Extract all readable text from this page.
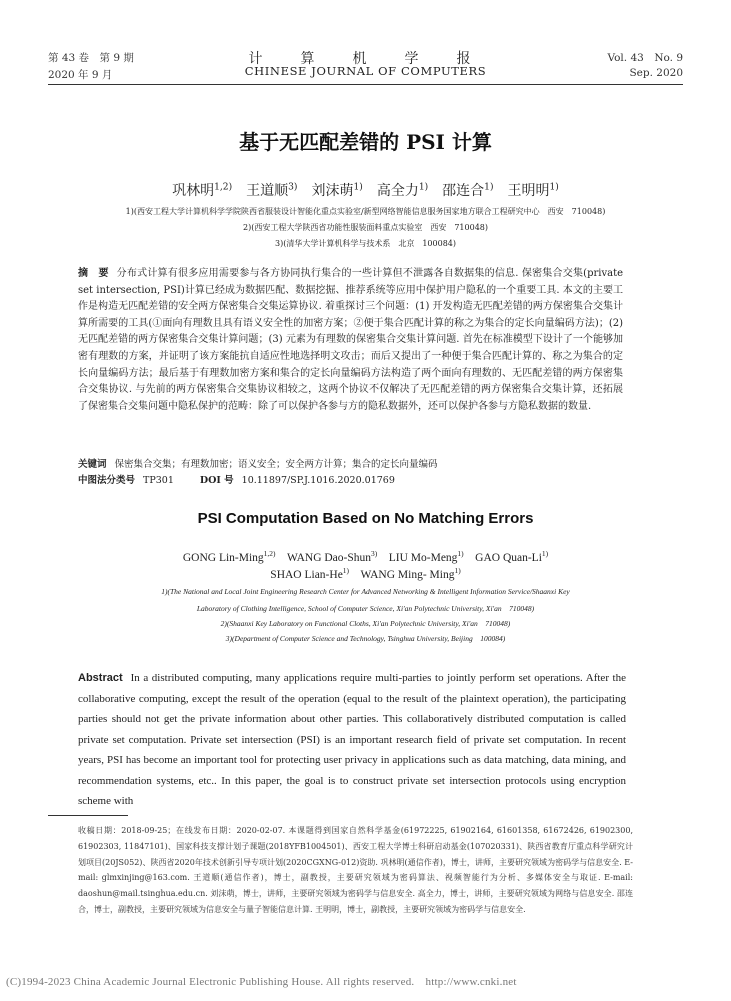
第 43 卷　第 9 期
2020 年 9 月
计　算　机　学　报
CHINESE JOURNAL OF COMPUTERS
Vol. 43　No. 9
Sep. 2020
基于无匹配差错的 PSI 计算
巩林明$^{1,2)}$　王道顺$^{3)}$　刘沫萌$^{1)}$　高全力$^{1)}$　邵连合$^{1)}$　王明明$^{1)}$
1)(西安工程大学计算机科学学院陕西省服装设计智能化重点实验室/新型网络智能信息服务国家地方联合工程研究中心　西安　710048)
2)(西安工程大学陕西省功能性服装面料重点实验室　西安　710048)
3)(清华大学计算机科学与技术系　北京　100084)
摘　要 分布式计算有很多应用需要参与各方协同执行集合的一些计算但不泄露各自数据集的信息. 保密集合交集(private set intersection, PSI)计算已经成为数据匹配、数据挖掘、推荐系统等应用中保护用户隐私的一个重要工具. 本文的主要工作是构造无匹配差错的安全两方保密集合交集运算协议. 着重探讨三个问题：(1) 开发构造无匹配差错的两方保密集合交集计算所需要的工具(①面向有理数且具有语义安全性的加密方案；②便于集合匹配计算的称之为集合的定长向量编码方法)；(2) 无匹配差错的两方保密集合交集计算问题；(3) 元素为有理数的保密集合交集计算问题. 首先在标准模型下设计了一个能够加密有理数的方案，并证明了该方案能抗自适应性地选择明文攻击；而后又提出了一种便于集合匹配计算的、称之为集合的定长向量编码方法；最后基于有理数加密方案和集合的定长向量编码方法构造了两个面向有理数的、无匹配差错的两方保密集合交集协议. 与先前的两方保密集合交集协议相较之，这两个协议不仅解决了无匹配差错的两方保密集合交集计算，还拓展了保密集合交集问题中隐私保护的范畴：除了可以保护各参与方的隐私数据外，还可以保护各参与方隐私数据的数量.
关键词 保密集合交集；有理数加密；语义安全；安全两方计算；集合的定长向量编码
中图法分类号 TP301	DOI 号 10.11897/SP.J.1016.2020.01769
PSI Computation Based on No Matching Errors
GONG Lin-Ming$^{1,2)}$　WANG Dao-Shun$^{3)}$　LIU Mo-Meng$^{1)}$　GAO Quan-Li$^{1)}$
SHAO Lian-He$^{1)}$　WANG Ming- Ming$^{1)}$
1)(The National and Local Joint Engineering Research Center for Advanced Networking & Intelligent Information Service/Shaanxi Key
Laboratory of Clothing Intelligence, School of Computer Science, Xi'an Polytechnic University, Xi'an　710048)
2)(Shaanxi Key Laboratory on Functional Cloths, Xi'an Polytechnic University, Xi'an　710048)
3)(Department of Computer Science and Technology, Tsinghua University, Beijing　100084)
Abstract In a distributed computing, many applications require multi-parties to jointly perform set operations. After the collaborative computing, except the result of the operation (equal to the result of the plaintext operation), the participating parties should not get the private information about other parties. This collaboratively distributed computation is called private set computation. Private set intersection (PSI) is an important research field of private set computation. In recent years, PSI has become an important tool for protecting user privacy in applications such as data matching, data mining, and recommendation systems, etc.. In this paper, the goal is to construct private set intersection protocols using encryption scheme with
收稿日期：2018-09-25；在线发布日期：2020-02-07. 本课题得到国家自然科学基金(61972225, 61902164, 61601358, 61672426, 61902300, 61902303, 11847101)、国家科技支撑计划子课题(2018YFB1004501)、西安工程大学博士科研启动基金(107020331)、陕西省教育厅重点科学研究计划项目(20JS052)、陕西省2020年技术创新引导专项计划(2020CGXNG-012)资助. 巩林明(通信作者)，博士，讲师，主要研究领域为密码学与信息安全. E-mail: glmxinjing@163.com. 王道顺(通信作者)，博士，副教授，主要研究领域为密码算法、视频智能行为分析、多媒体安全与取证. E-mail: daoshun@mail.tsinghua.edu.cn. 刘沫萌，博士，讲师，主要研究领域为密码学与信息安全. 高全力，博士，讲师，主要研究领域为网络与信息安全. 邵连合，博士，副教授，主要研究领域为信息安全与量子智能信息计算. 王明明，博士，副教授，主要研究领域为密码学与信息安全.
(C)1994-2023 China Academic Journal Electronic Publishing House. All rights reserved.　http://www.cnki.net
